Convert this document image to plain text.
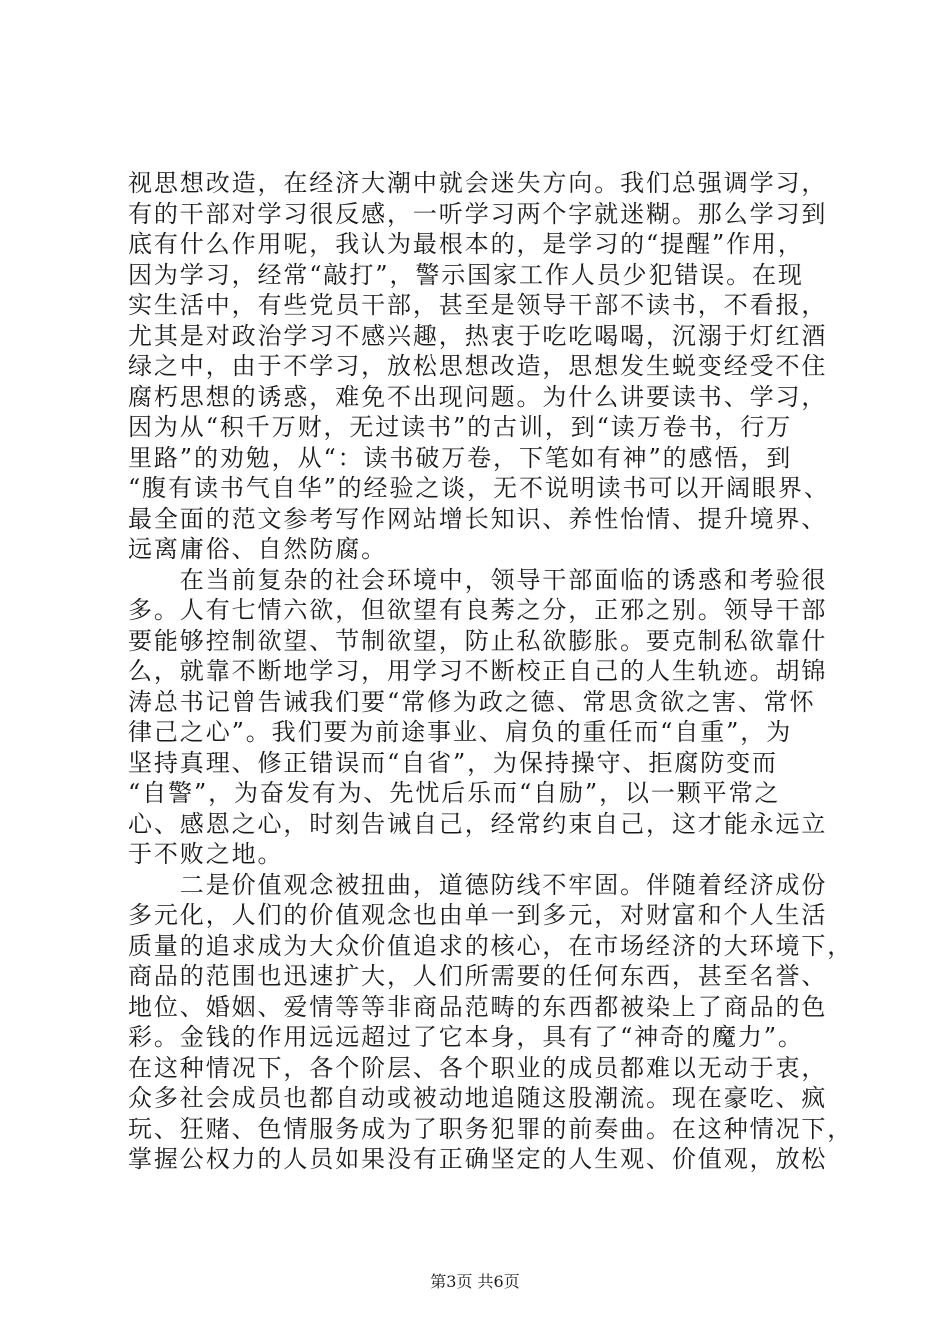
视思想改造，在经济大潮中就会迷失方向。我们总强调学习，
有的干部对学习很反感，一听学习两个字就迷糊。那么学习到
底有什么作用呢，我认为最根本的，是学习的“提醒”作用，
因为学习，经常“敲打”，警示国家工作人员少犯错误。在现
实生活中，有些党员干部，甚至是领导干部不读书，不看报，
尤其是对政治学习不感兴趣，热衷于吃吃喝喝，沉溺于灯红酒
绿之中，由于不学习，放松思想改造，思想发生蜕变经受不住
腐朽思想的诱惑，难免不出现问题。为什么讲要读书、学习，
因为从“积千万财，无过读书”的古训，到“读万卷书，行万
里路”的劝勉，从“：读书破万卷，下笔如有神”的感悟，到
“腹有读书气自华”的经验之谈，无不说明读书可以开阔眼界、
最全面的范文参考写作网站增长知识、养性怡情、提升境界、
远离庸俗、自然防腐。
　　在当前复杂的社会环境中，领导干部面临的诱惑和考验很
多。人有七情六欲，但欲望有良莠之分，正邪之别。领导干部
要能够控制欲望、节制欲望，防止私欲膨胀。要克制私欲靠什
么，就靠不断地学习，用学习不断校正自己的人生轨迹。胡锦
涛总书记曾告诫我们要“常修为政之德、常思贪欲之害、常怀
律己之心”。我们要为前途事业、肩负的重任而“自重”，为
坚持真理、修正错误而“自省”，为保持操守、拒腐防变而
“自警”，为奋发有为、先忧后乐而“自励”，以一颗平常之
心、感恩之心，时刻告诫自己，经常约束自己，这才能永远立
于不败之地。
　　二是价值观念被扭曲，道德防线不牢固。伴随着经济成份
多元化，人们的价值观念也由单一到多元，对财富和个人生活
质量的追求成为大众价值追求的核心，在市场经济的大环境下，
商品的范围也迅速扩大，人们所需要的任何东西，甚至名誉、
地位、婚姻、爱情等等非商品范畴的东西都被染上了商品的色
彩。金钱的作用远远超过了它本身，具有了“神奇的魔力”。
在这种情况下，各个阶层、各个职业的成员都难以无动于衷，
众多社会成员也都自动或被动地追随这股潮流。现在豪吃、疯
玩、狂赌、色情服务成为了职务犯罪的前奏曲。在这种情况下，
掌握公权力的人员如果没有正确坚定的人生观、价值观，放松
第3页 共6页
